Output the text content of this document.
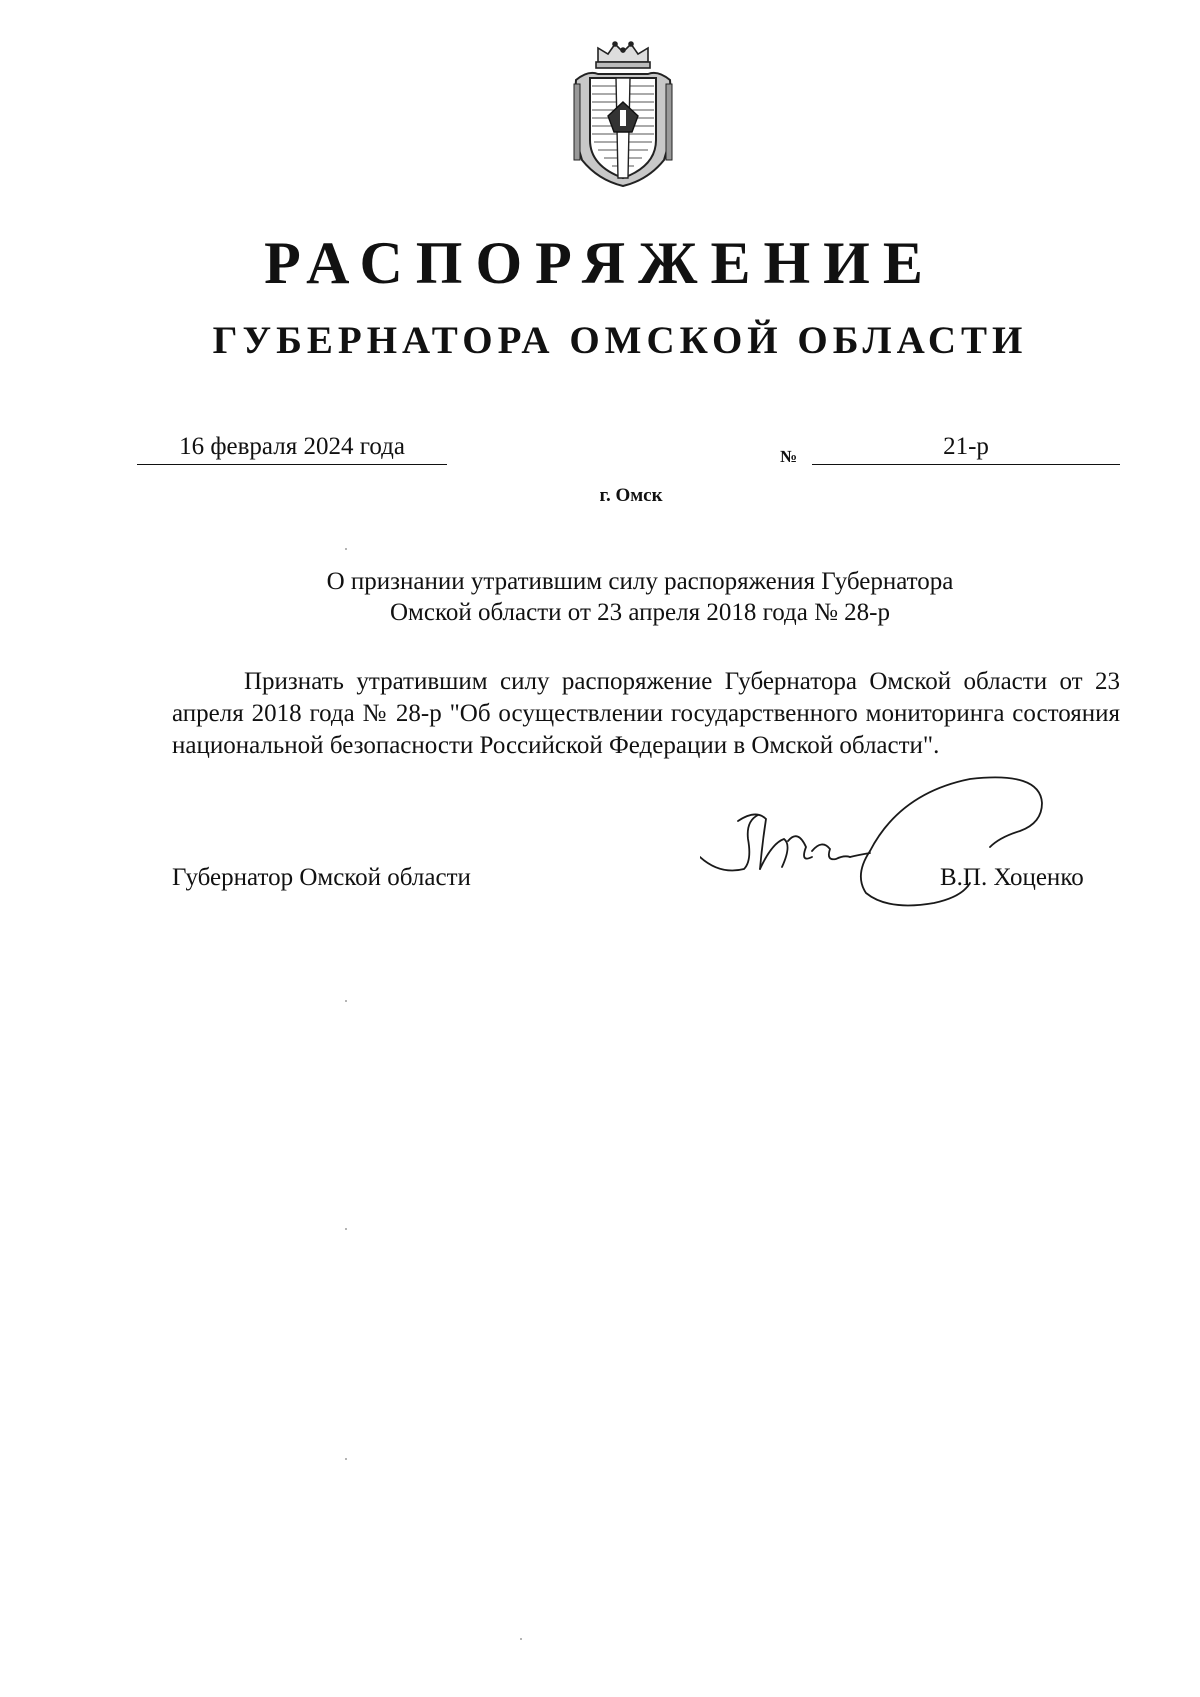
РАСПОРЯЖЕНИЕ
ГУБЕРНАТОРА ОМСКОЙ ОБЛАСТИ
16 февраля 2024 года	№	21-р
г. Омск
О признании утратившим силу распоряжения Губернатора
Омской области от 23 апреля 2018 года № 28-р
Признать утратившим силу распоряжение Губернатора Омской области от 23 апреля 2018 года № 28-р "Об осуществлении государственного мониторинга состояния национальной безопасности Российской Федерации в Омской области".
Губернатор Омской области	В.П. Хоценко
